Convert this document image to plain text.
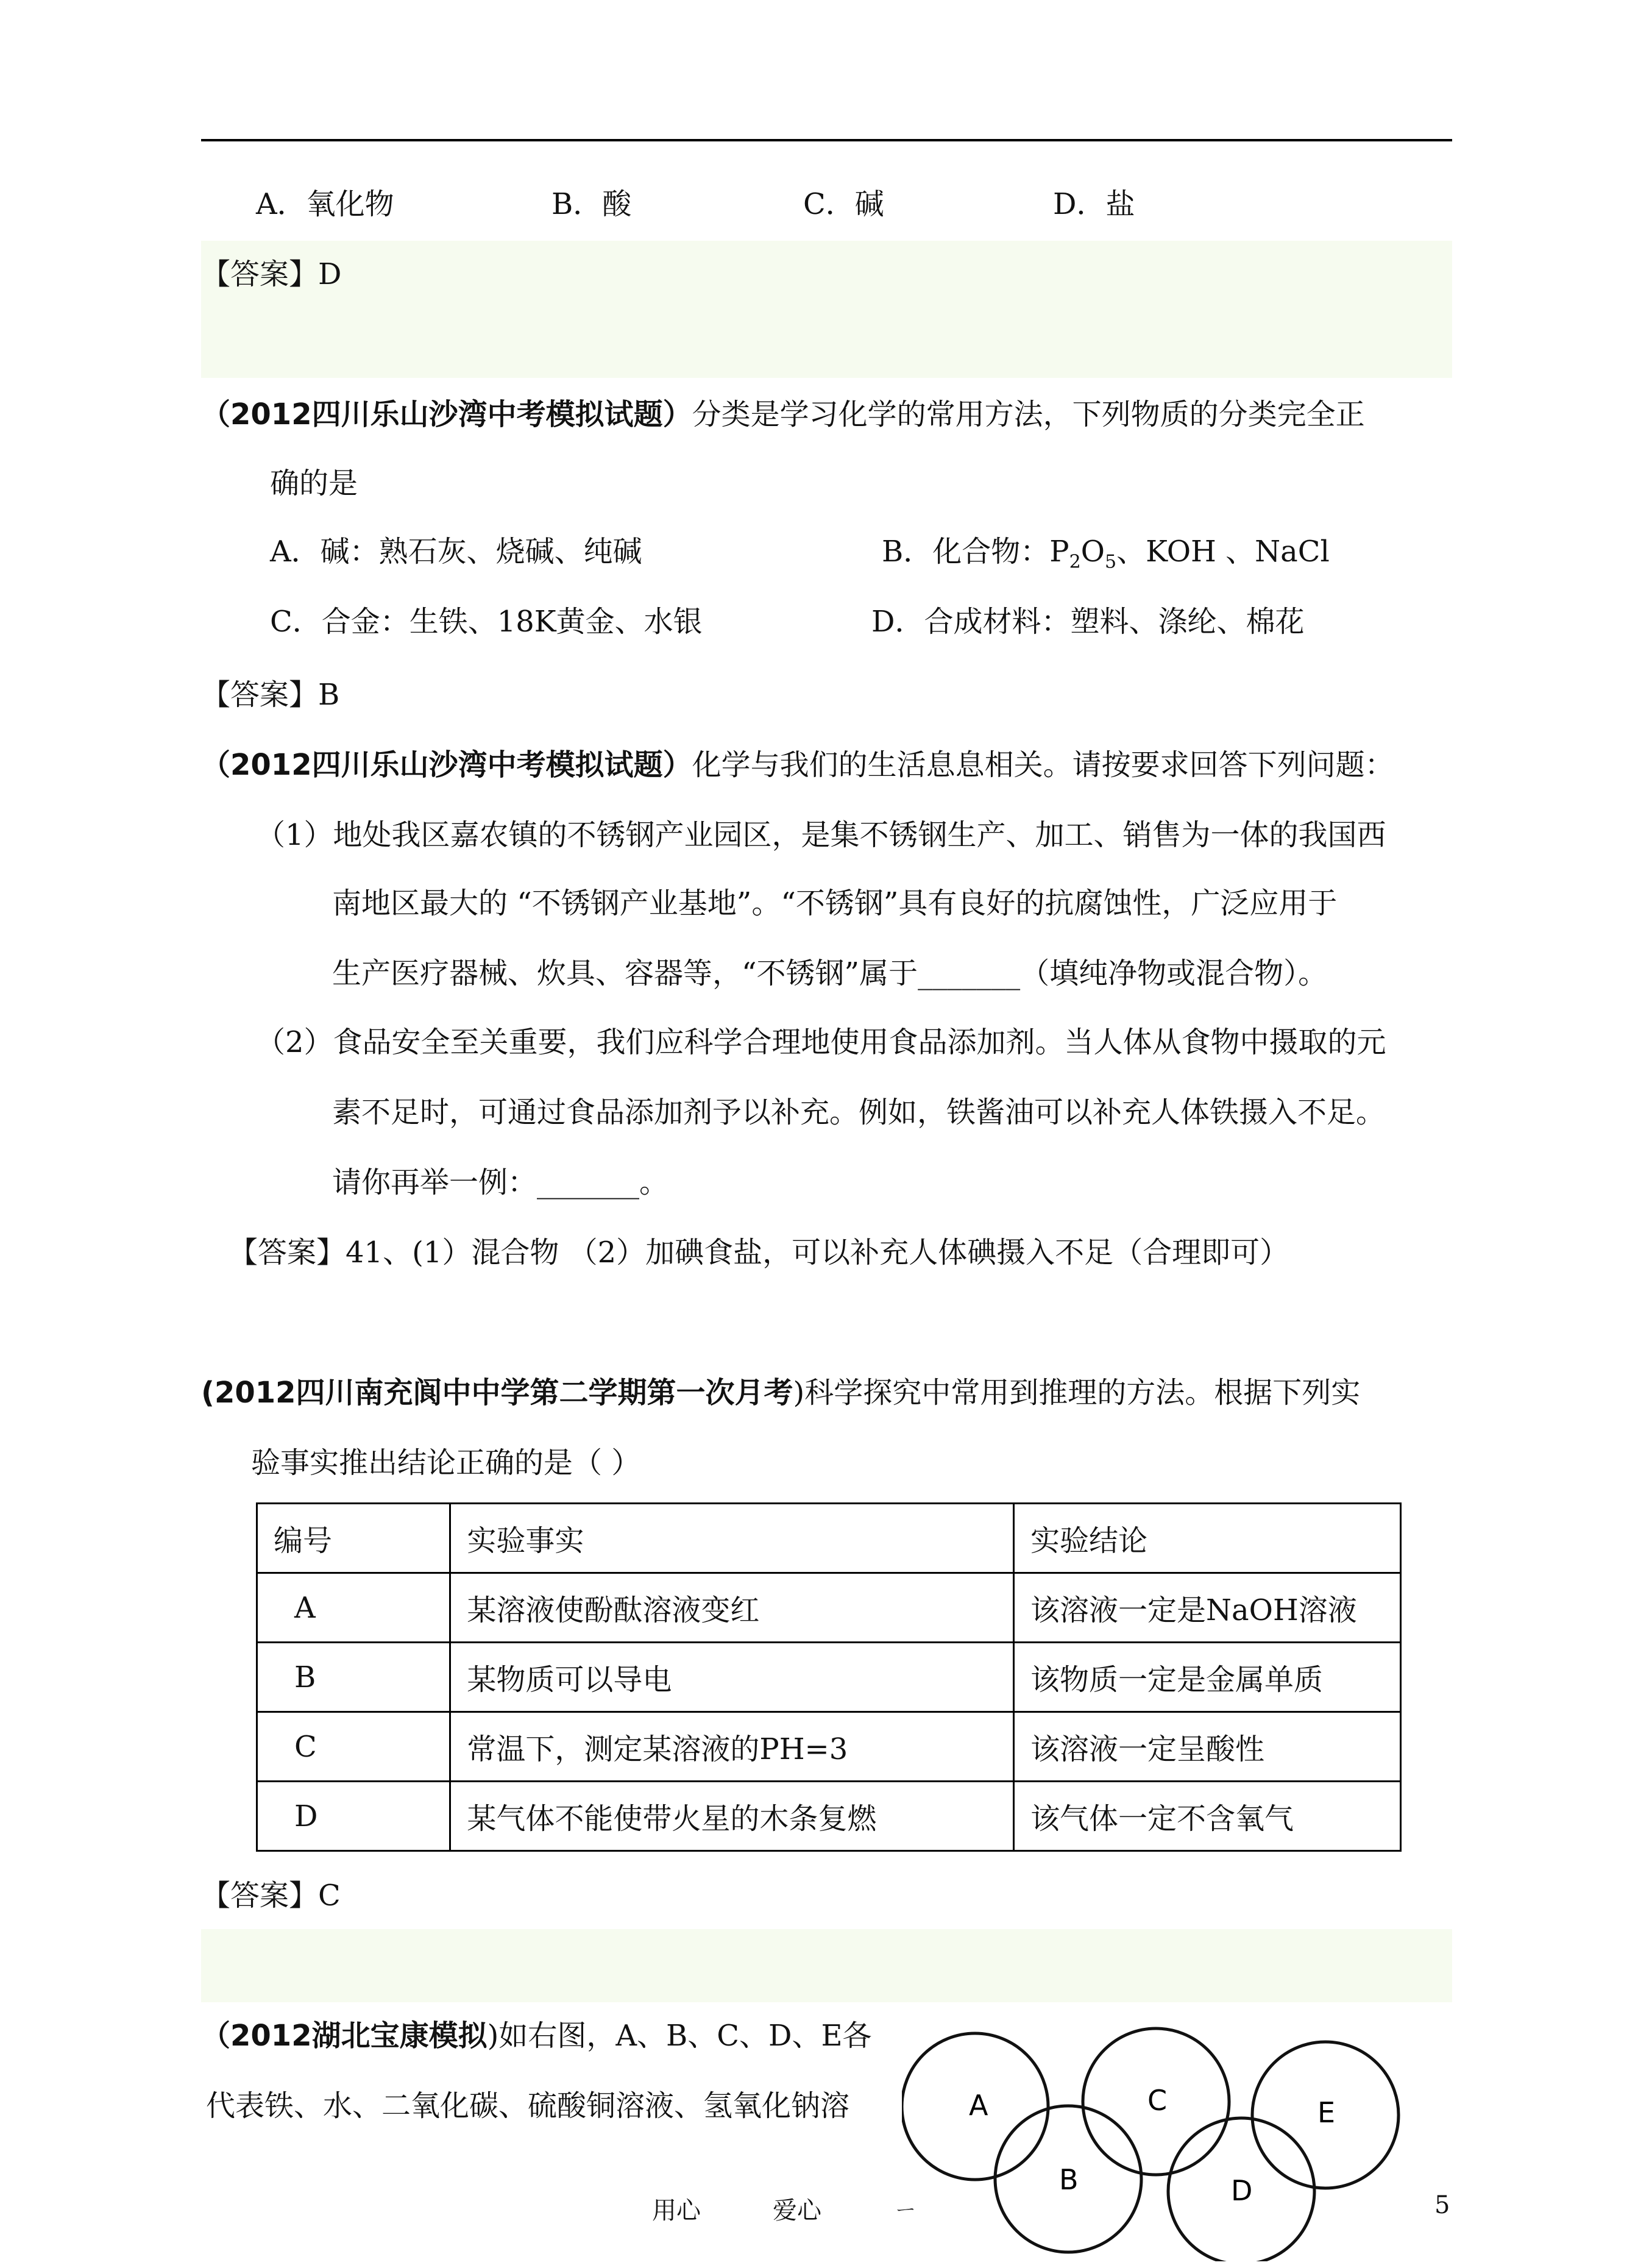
A．氧化物	B．酸	C．碱	D．盐
【答案】D
（2012四川乐山沙湾中考模拟试题）分类是学习化学的常用方法，下列物质的分类完全正
确的是
A．碱：熟石灰、烧碱、纯碱	B．化合物：$P_2O_5$、KOH 、NaCl
C．合金：生铁、18K黄金、水银	D．合成材料：塑料、涤纶、棉花
【答案】B
（2012四川乐山沙湾中考模拟试题）化学与我们的生活息息相关。请按要求回答下列问题：
（1）地处我区嘉农镇的不锈钢产业园区，是集不锈钢生产、加工、销售为一体的我国西
南地区最大的 “不锈钢产业基地”。“不锈钢”具有良好的抗腐蚀性，广泛应用于
生产医疗器械、炊具、容器等，“不锈钢”属于_______（填纯净物或混合物）。
（2）食品安全至关重要，我们应科学合理地使用食品添加剂。当人体从食物中摄取的元
素不足时，可通过食品添加剂予以补充。例如，铁酱油可以补充人体铁摄入不足。
请你再举一例：_______。
【答案】41、(1）混合物 （2）加碘食盐，可以补充人体碘摄入不足（合理即可）
(2012四川南充阆中中学第二学期第一次月考)科学探究中常用到推理的方法。根据下列实
验事实推出结论正确的是（ ）
编号	实验事实	实验结论
A	某溶液使酚酞溶液变红	该溶液一定是NaOH溶液
B	某物质可以导电	该物质一定是金属单质
C	常温下，测定某溶液的PH=3	该溶液一定呈酸性
D	某气体不能使带火星的木条复燃	该气体一定不含氧气
【答案】C
（2012湖北宝康模拟)如右图，A、B、C、D、E各
代表铁、水、二氧化碳、硫酸铜溶液、氢氧化钠溶	A
B
C
D
E
用心	爱心	ㄧ	5
